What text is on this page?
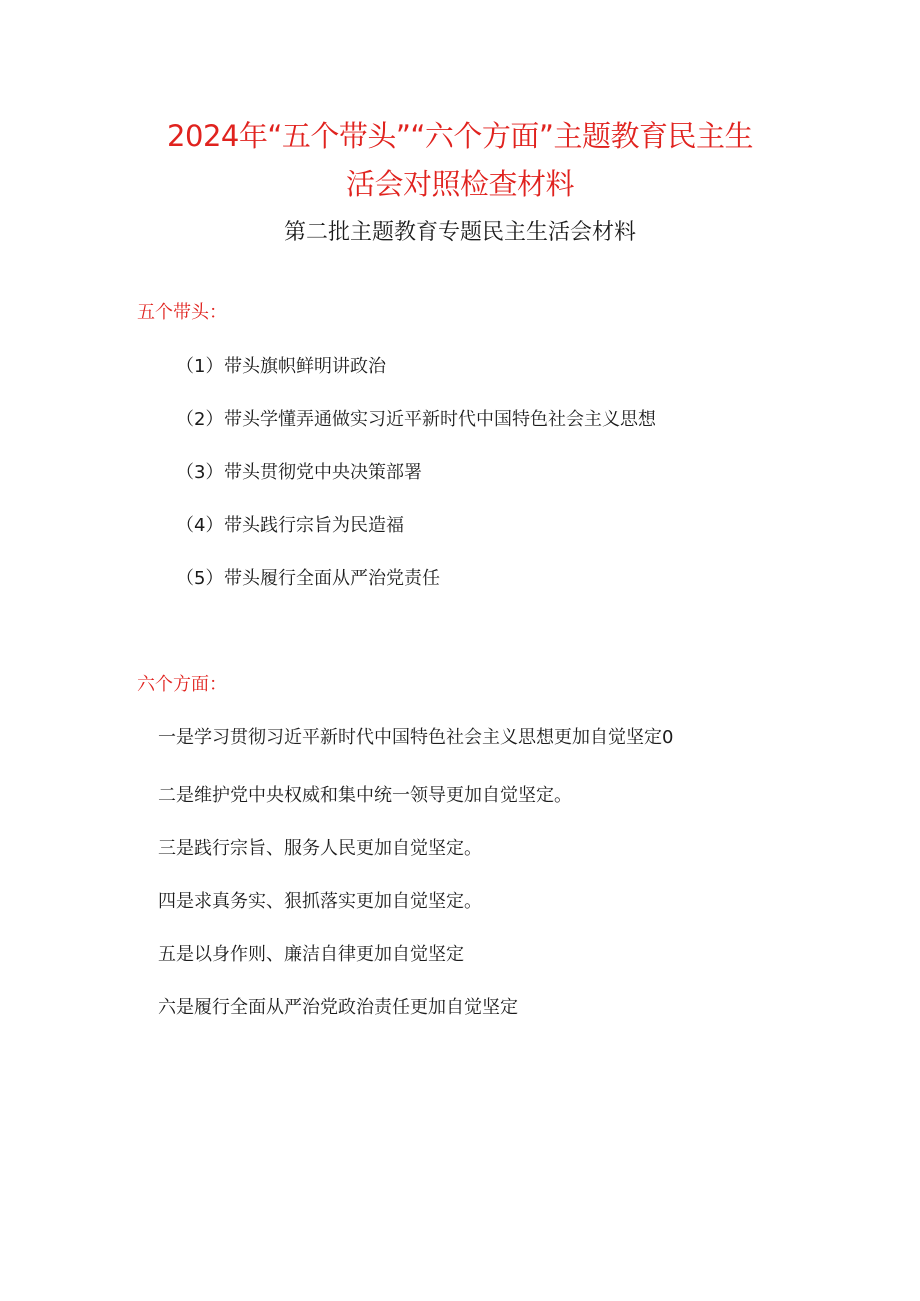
2024年“五个带头”“六个方面”主题教育民主生
活会对照检查材料
第二批主题教育专题民主生活会材料
五个带头：
（1）带头旗帜鲜明讲政治
（2）带头学懂弄通做实习近平新时代中国特色社会主义思想
（3）带头贯彻党中央决策部署
（4）带头践行宗旨为民造福
（5）带头履行全面从严治党责任
六个方面：
一是学习贯彻习近平新时代中国特色社会主义思想更加自觉坚定0
二是维护党中央权威和集中统一领导更加自觉坚定。
三是践行宗旨、服务人民更加自觉坚定。
四是求真务实、狠抓落实更加自觉坚定。
五是以身作则、廉洁自律更加自觉坚定
六是履行全面从严治党政治责任更加自觉坚定
